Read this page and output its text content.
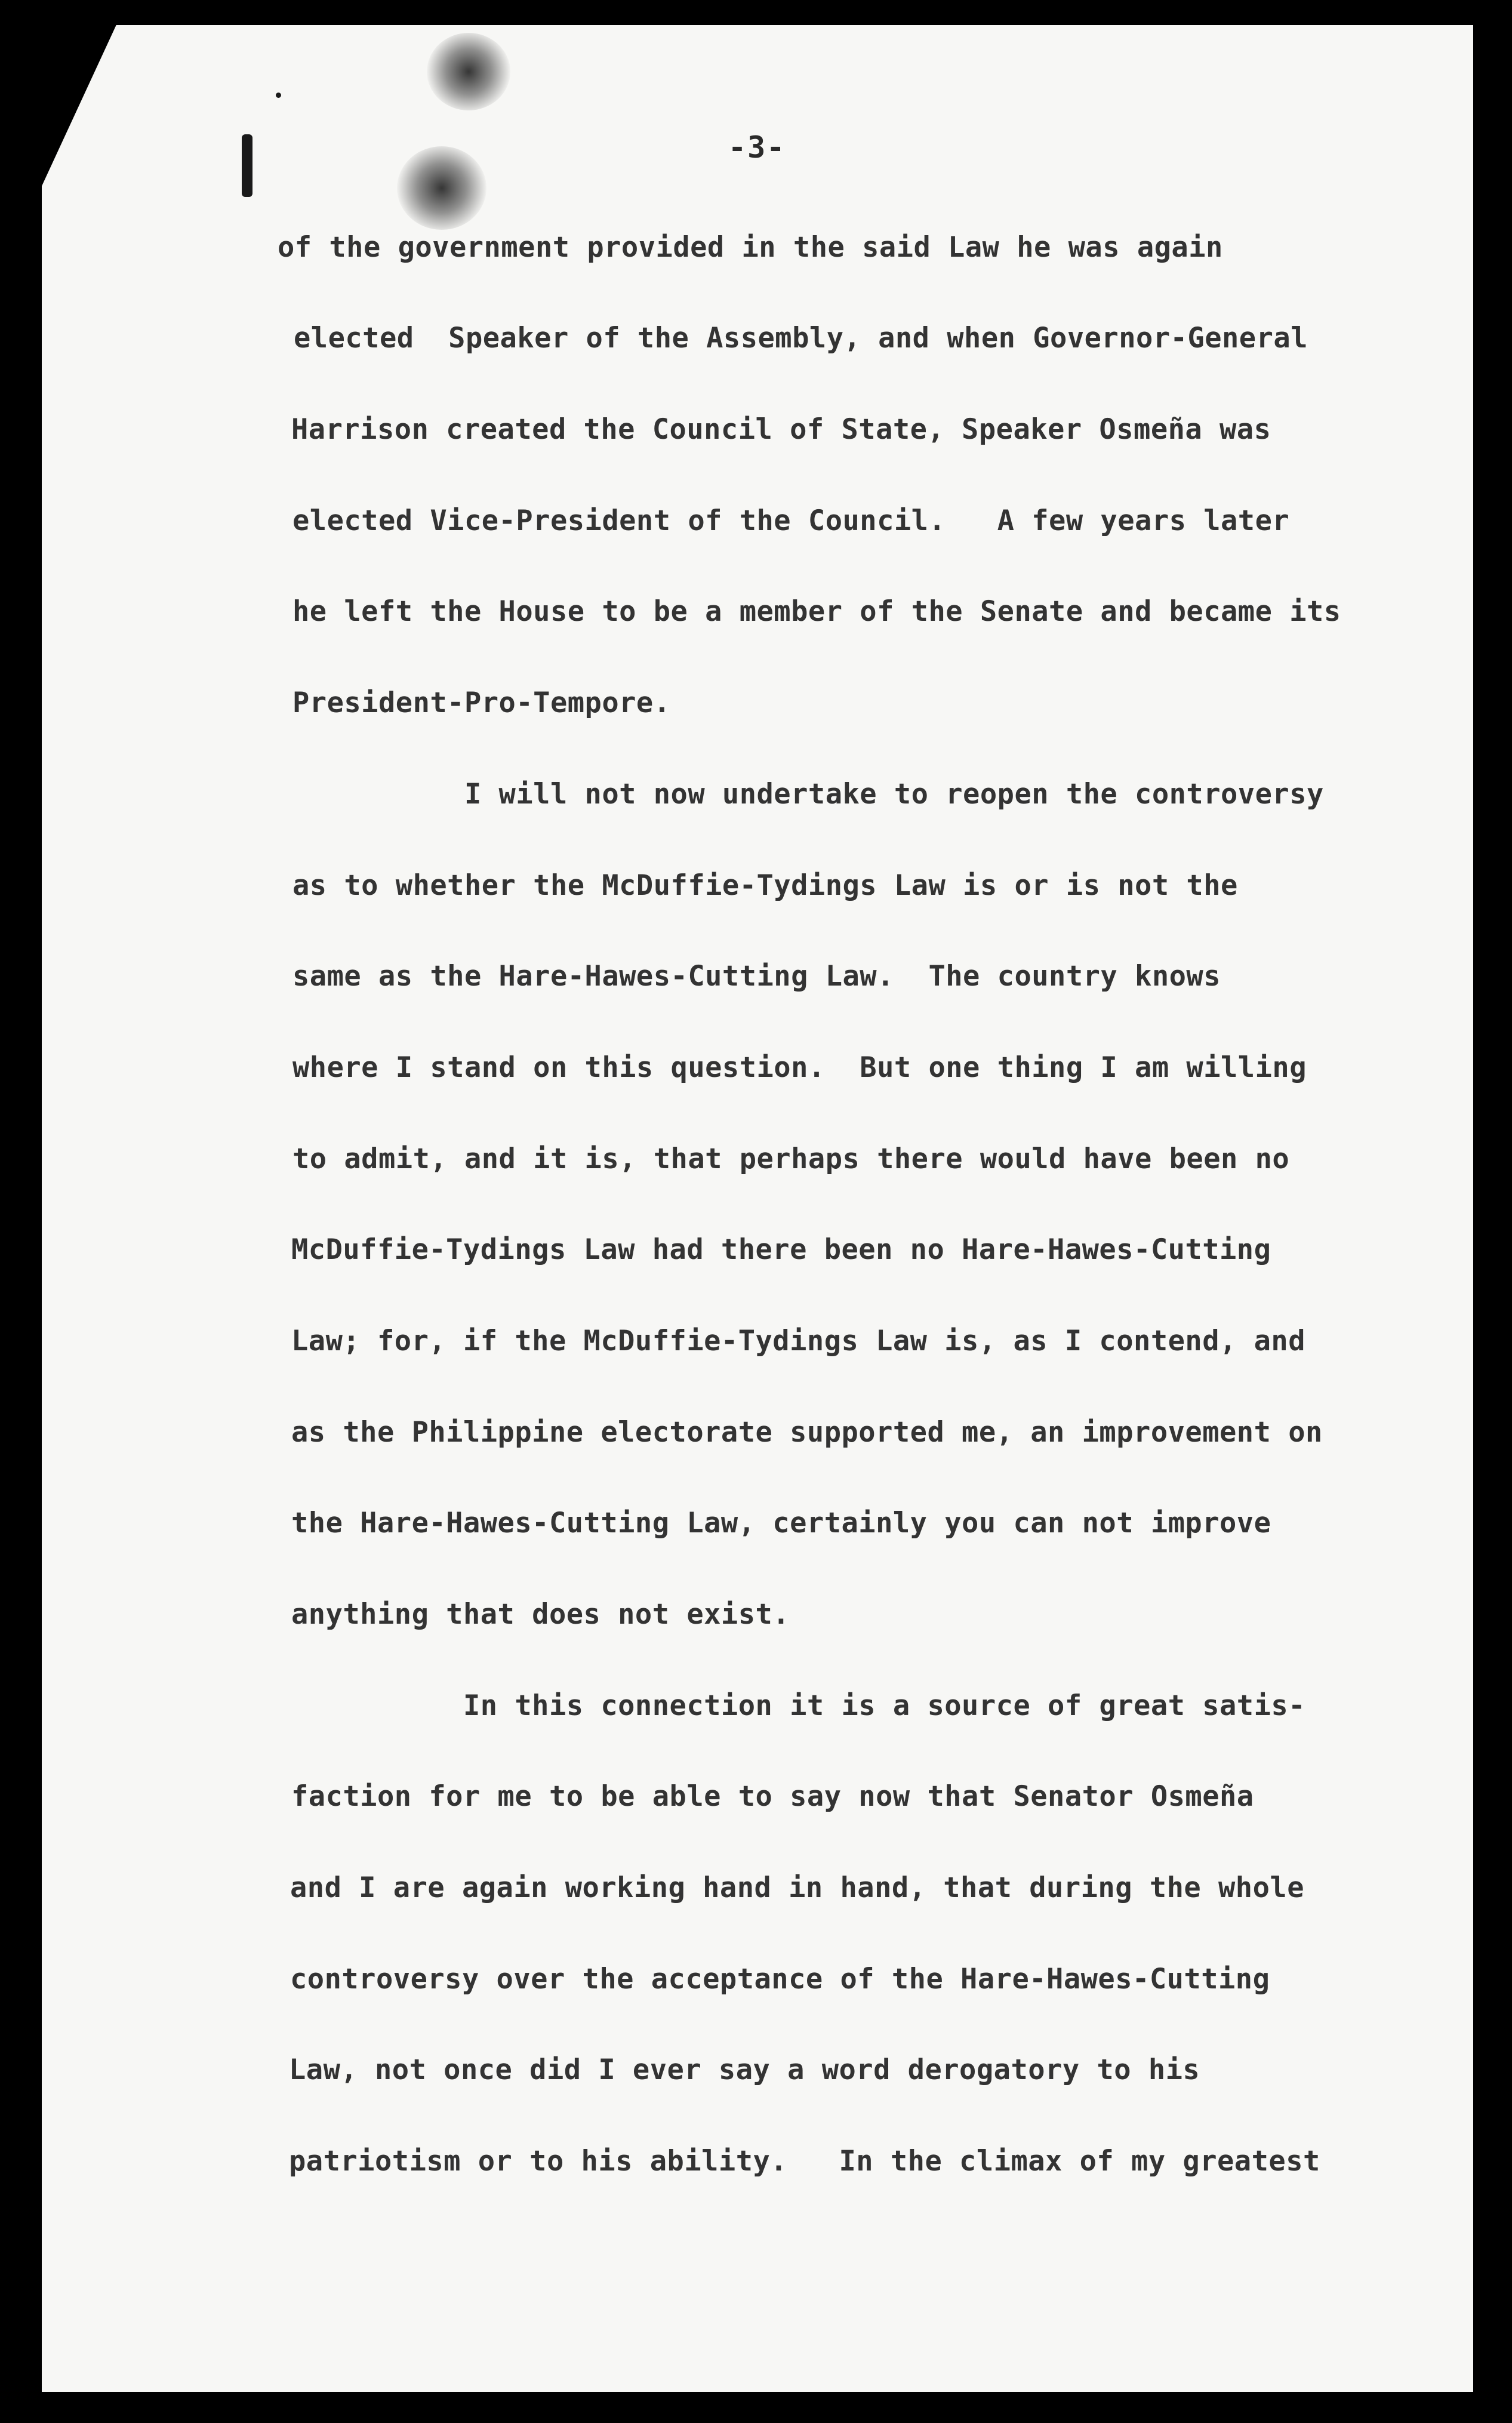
-3-
of the government provided in the said Law he was again
elected  Speaker of the Assembly, and when Governor-General
Harrison created the Council of State, Speaker Osmeña was
elected Vice-President of the Council.   A few years later
he left the House to be a member of the Senate and became its
President-Pro-Tempore.
I will not now undertake to reopen the controversy
as to whether the McDuffie-Tydings Law is or is not the
same as the Hare-Hawes-Cutting Law.  The country knows
where I stand on this question.  But one thing I am willing
to admit, and it is, that perhaps there would have been no
McDuffie-Tydings Law had there been no Hare-Hawes-Cutting
Law; for, if the McDuffie-Tydings Law is, as I contend, and
as the Philippine electorate supported me, an improvement on
the Hare-Hawes-Cutting Law, certainly you can not improve
anything that does not exist.
In this connection it is a source of great satis-
faction for me to be able to say now that Senator Osmeña
and I are again working hand in hand, that during the whole
controversy over the acceptance of the Hare-Hawes-Cutting
Law, not once did I ever say a word derogatory to his
patriotism or to his ability.   In the climax of my greatest
